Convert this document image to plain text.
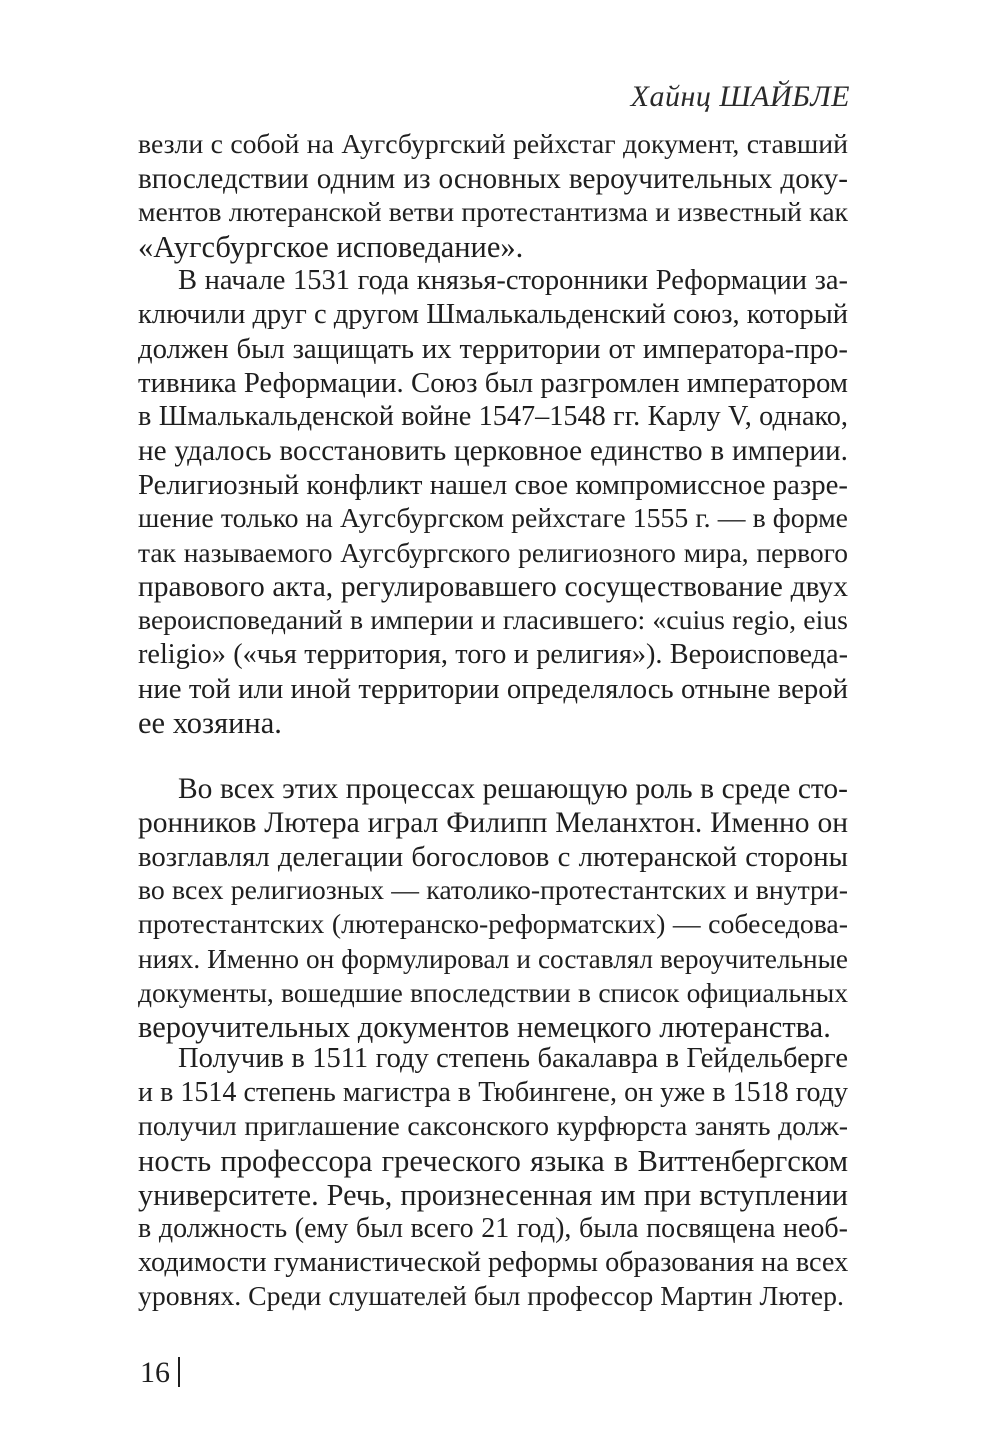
Хайнц ШАЙБЛЕ
везли с собой на Аугсбургский рейхстаг документ, ставший
впоследствии одним из основных вероучительных доку-
ментов лютеранской ветви протестантизма и известный как
«Аугсбургское исповедание».
В начале 1531 года князья-сторонники Реформации за-
ключили друг с другом Шмалькальденский союз, который
должен был защищать их территории от императора-про-
тивника Реформации. Союз был разгромлен императором
в Шмалькальденской войне 1547–1548 гг. Карлу V, однако,
не удалось восстановить церковное единство в империи.
Религиозный конфликт нашел свое компромиссное разре-
шение только на Аугсбургском рейхстаге 1555 г. — в форме
так называемого Аугсбургского религиозного мира, первого
правового акта, регулировавшего сосуществование двух
вероисповеданий в империи и гласившего: «cuius regio, eius
religio» («чья территория, того и религия»). Вероисповеда-
ние той или иной территории определялось отныне верой
ее хозяина.
Во всех этих процессах решающую роль в среде сто-
ронников Лютера играл Филипп Меланхтон. Именно он
возглавлял делегации богословов с лютеранской стороны
во всех религиозных — католико-протестантских и внутри-
протестантских (лютеранско-реформатских) — собеседова-
ниях. Именно он формулировал и составлял вероучительные
документы, вошедшие впоследствии в список официальных
вероучительных документов немецкого лютеранства.
Получив в 1511 году степень бакалавра в Гейдельберге
и в 1514 степень магистра в Тюбингене, он уже в 1518 году
получил приглашение саксонского курфюрста занять долж-
ность профессора греческого языка в Виттенбергском
университете. Речь, произнесенная им при вступлении
в должность (ему был всего 21 год), была посвящена необ-
ходимости гуманистической реформы образования на всех
уровнях. Среди слушателей был профессор Мартин Лютер.
16
